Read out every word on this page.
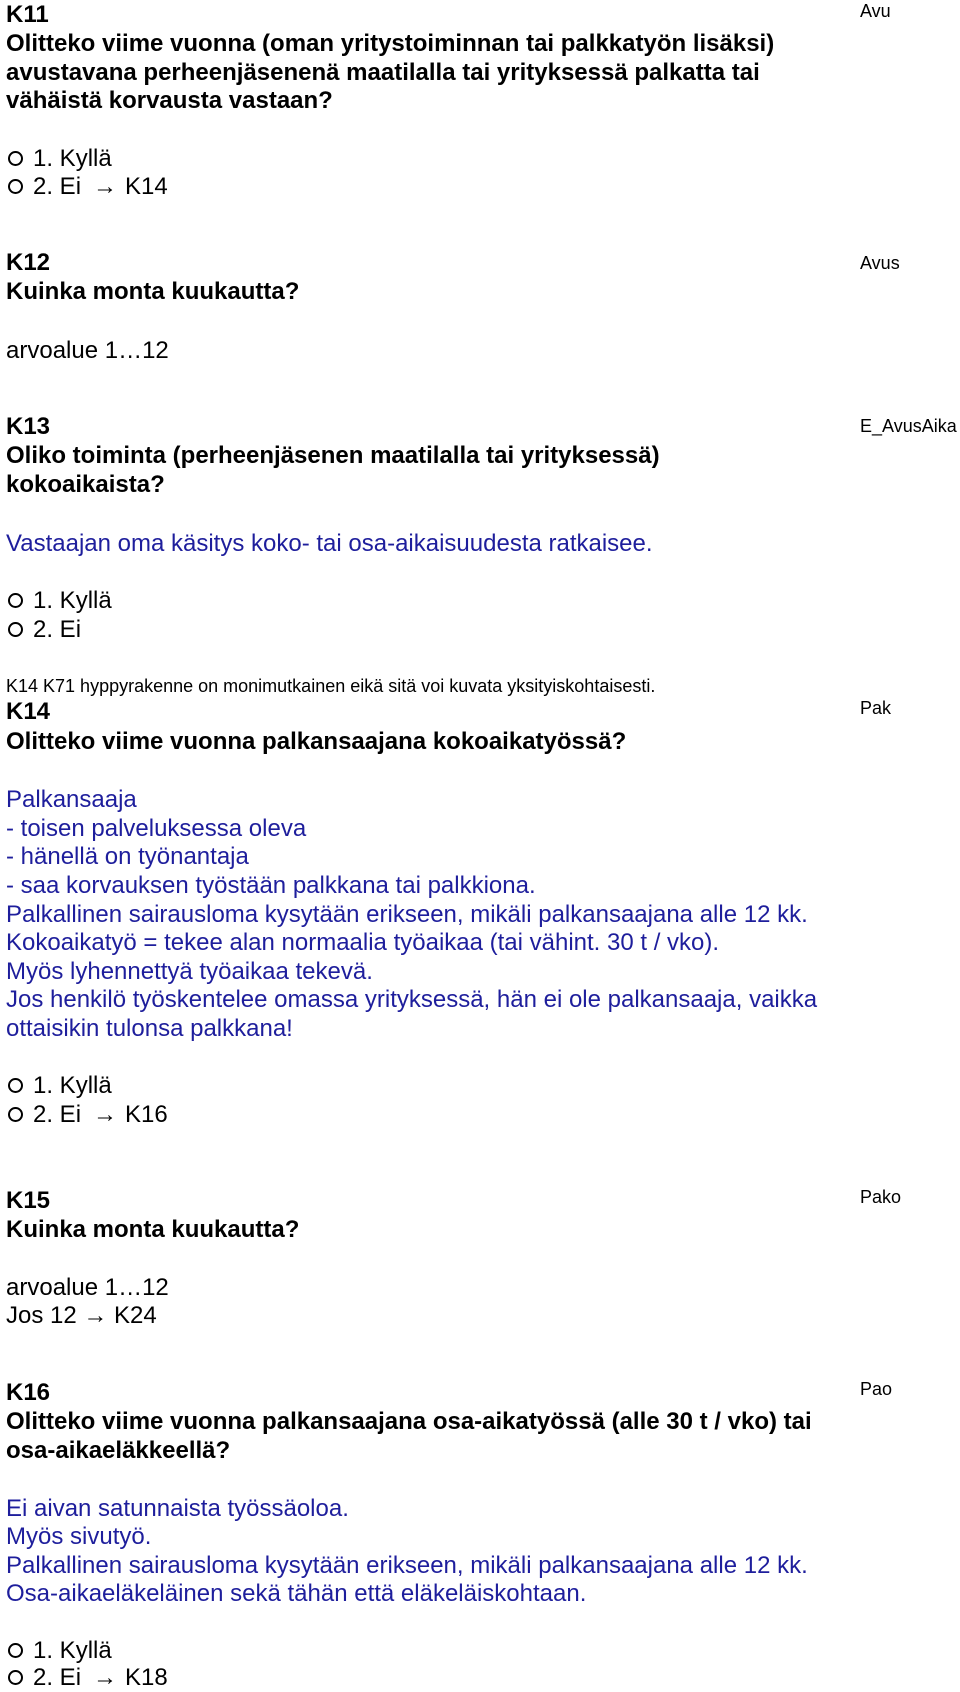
K11	Avu
Olitteko viime vuonna (oman yritystoiminnan tai palkkatyön lisäksi)
avustavana perheenjäsenenä maatilalla tai yrityksessä palkatta tai
vähäistä korvausta vastaan?
1. Kyllä
2. Ei → K14
K12	Avus
Kuinka monta kuukautta?
arvoalue 1…12
K13	E_AvusAika
Oliko toiminta (perheenjäsenen maatilalla tai yrityksessä)
kokoaikaista?
Vastaajan oma käsitys koko- tai osa-aikaisuudesta ratkaisee.
1. Kyllä
2. Ei
K14 K71 hyppyrakenne on monimutkainen eikä sitä voi kuvata yksityiskohtaisesti.
K14	Pak
Olitteko viime vuonna palkansaajana kokoaikatyössä?
Palkansaaja
- toisen palveluksessa oleva
- hänellä on työnantaja
- saa korvauksen työstään palkkana tai palkkiona.
Palkallinen sairausloma kysytään erikseen, mikäli palkansaajana alle 12 kk.
Kokoaikatyö = tekee alan normaalia työaikaa (tai vähint. 30 t / vko).
Myös lyhennettyä työaikaa tekevä.
Jos henkilö työskentelee omassa yrityksessä, hän ei ole palkansaaja, vaikka
ottaisikin tulonsa palkkana!
1. Kyllä
2. Ei → K16
K15	Pako
Kuinka monta kuukautta?
arvoalue 1…12
Jos 12 → K24
K16	Pao
Olitteko viime vuonna palkansaajana osa-aikatyössä (alle 30 t / vko) tai
osa-aikaeläkkeellä?
Ei aivan satunnaista työssäoloa.
Myös sivutyö.
Palkallinen sairausloma kysytään erikseen, mikäli palkansaajana alle 12 kk.
Osa-aikaeläkeläinen sekä tähän että eläkeläiskohtaan.
1. Kyllä
2. Ei → K18
